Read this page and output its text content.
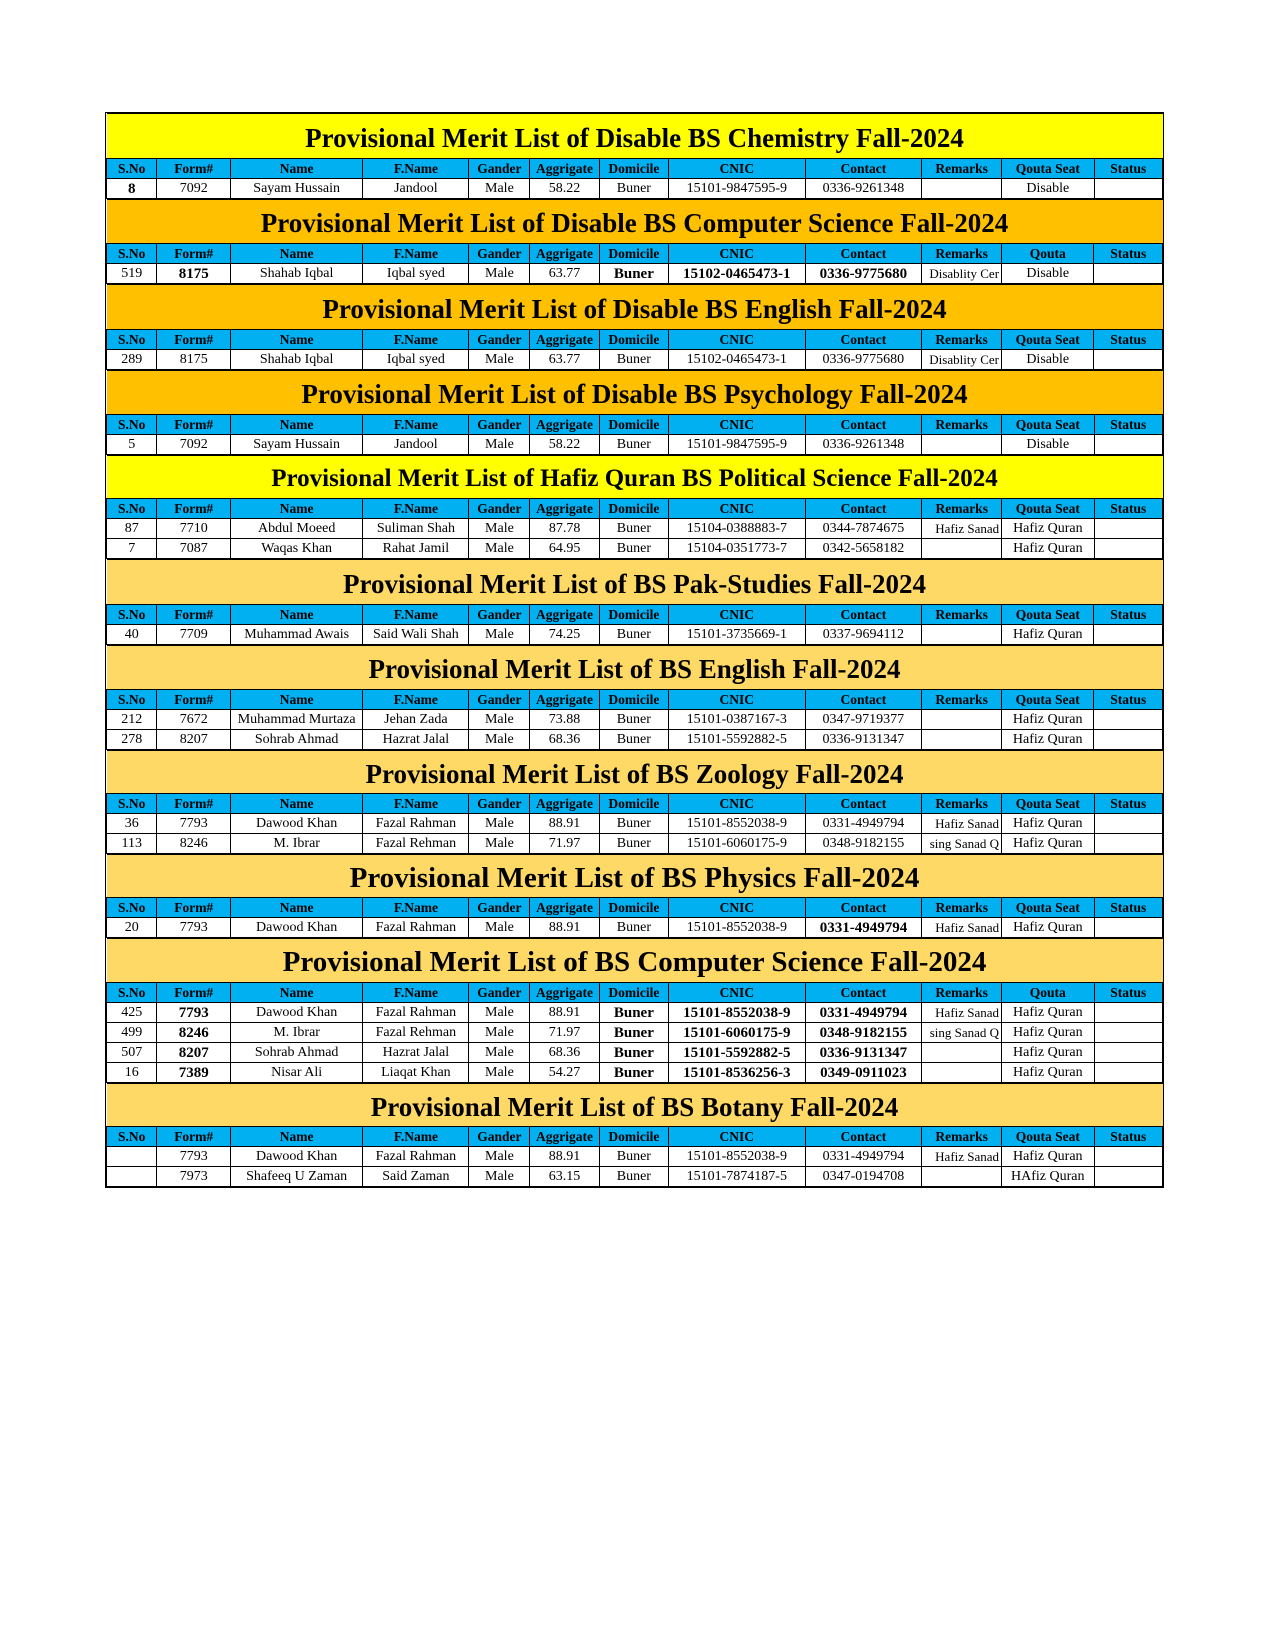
Provisional Merit List of Disable BS Chemistry Fall-2024											
S.No	Form#	Name	F.Name	Gander	Aggrigate	Domicile	CNIC	Contact	Remarks	Qouta Seat	Status
8	7092	Sayam Hussain	Jandool	Male	58.22	Buner	15101-9847595-9	0336-9261348		Disable	
Provisional Merit List of Disable BS Computer Science Fall-2024											
S.No	Form#	Name	F.Name	Gander	Aggrigate	Domicile	CNIC	Contact	Remarks	Qouta	Status
519	8175	Shahab Iqbal	Iqbal syed	Male	63.77	Buner	15102-0465473-1	0336-9775680	Disablity Cer	Disable	
Provisional Merit List of Disable BS English Fall-2024											
S.No	Form#	Name	F.Name	Gander	Aggrigate	Domicile	CNIC	Contact	Remarks	Qouta Seat	Status
289	8175	Shahab Iqbal	Iqbal syed	Male	63.77	Buner	15102-0465473-1	0336-9775680	Disablity Cer	Disable	
Provisional Merit List of Disable BS Psychology Fall-2024											
S.No	Form#	Name	F.Name	Gander	Aggrigate	Domicile	CNIC	Contact	Remarks	Qouta Seat	Status
5	7092	Sayam Hussain	Jandool	Male	58.22	Buner	15101-9847595-9	0336-9261348		Disable	
Provisional Merit List of Hafiz Quran BS Political Science Fall-2024											
S.No	Form#	Name	F.Name	Gander	Aggrigate	Domicile	CNIC	Contact	Remarks	Qouta Seat	Status
87	7710	Abdul Moeed	Suliman Shah	Male	87.78	Buner	15104-0388883-7	0344-7874675	Hafiz Sanad	Hafiz Quran	
7	7087	Waqas Khan	Rahat Jamil	Male	64.95	Buner	15104-0351773-7	0342-5658182		Hafiz Quran	
Provisional Merit List of BS Pak-Studies Fall-2024											
S.No	Form#	Name	F.Name	Gander	Aggrigate	Domicile	CNIC	Contact	Remarks	Qouta Seat	Status
40	7709	Muhammad Awais	Said Wali Shah	Male	74.25	Buner	15101-3735669-1	0337-9694112		Hafiz Quran	
Provisional Merit List of BS English Fall-2024											
S.No	Form#	Name	F.Name	Gander	Aggrigate	Domicile	CNIC	Contact	Remarks	Qouta Seat	Status
212	7672	Muhammad Murtaza	Jehan Zada	Male	73.88	Buner	15101-0387167-3	0347-9719377		Hafiz Quran	
278	8207	Sohrab Ahmad	Hazrat Jalal	Male	68.36	Buner	15101-5592882-5	0336-9131347		Hafiz Quran	
Provisional Merit List of BS Zoology Fall-2024											
S.No	Form#	Name	F.Name	Gander	Aggrigate	Domicile	CNIC	Contact	Remarks	Qouta Seat	Status
36	7793	Dawood Khan	Fazal Rahman	Male	88.91	Buner	15101-8552038-9	0331-4949794	Hafiz Sanad	Hafiz Quran	
113	8246	M. Ibrar	Fazal Rehman	Male	71.97	Buner	15101-6060175-9	0348-9182155	sing Sanad Q	Hafiz Quran	
Provisional Merit List of BS Physics Fall-2024											
S.No	Form#	Name	F.Name	Gander	Aggrigate	Domicile	CNIC	Contact	Remarks	Qouta Seat	Status
20	7793	Dawood Khan	Fazal Rahman	Male	88.91	Buner	15101-8552038-9	0331-4949794	Hafiz Sanad	Hafiz Quran	
Provisional Merit List of BS Computer Science Fall-2024											
S.No	Form#	Name	F.Name	Gander	Aggrigate	Domicile	CNIC	Contact	Remarks	Qouta	Status
425	7793	Dawood Khan	Fazal Rahman	Male	88.91	Buner	15101-8552038-9	0331-4949794	Hafiz Sanad	Hafiz Quran	
499	8246	M. Ibrar	Fazal Rehman	Male	71.97	Buner	15101-6060175-9	0348-9182155	sing Sanad Q	Hafiz Quran	
507	8207	Sohrab Ahmad	Hazrat Jalal	Male	68.36	Buner	15101-5592882-5	0336-9131347		Hafiz Quran	
16	7389	Nisar Ali	Liaqat Khan	Male	54.27	Buner	15101-8536256-3	0349-0911023		Hafiz Quran	
Provisional Merit List of BS Botany Fall-2024											
S.No	Form#	Name	F.Name	Gander	Aggrigate	Domicile	CNIC	Contact	Remarks	Qouta Seat	Status
	7793	Dawood Khan	Fazal Rahman	Male	88.91	Buner	15101-8552038-9	0331-4949794	Hafiz Sanad	Hafiz Quran	
	7973	Shafeeq U Zaman	Said Zaman	Male	63.15	Buner	15101-7874187-5	0347-0194708		HAfiz Quran	
